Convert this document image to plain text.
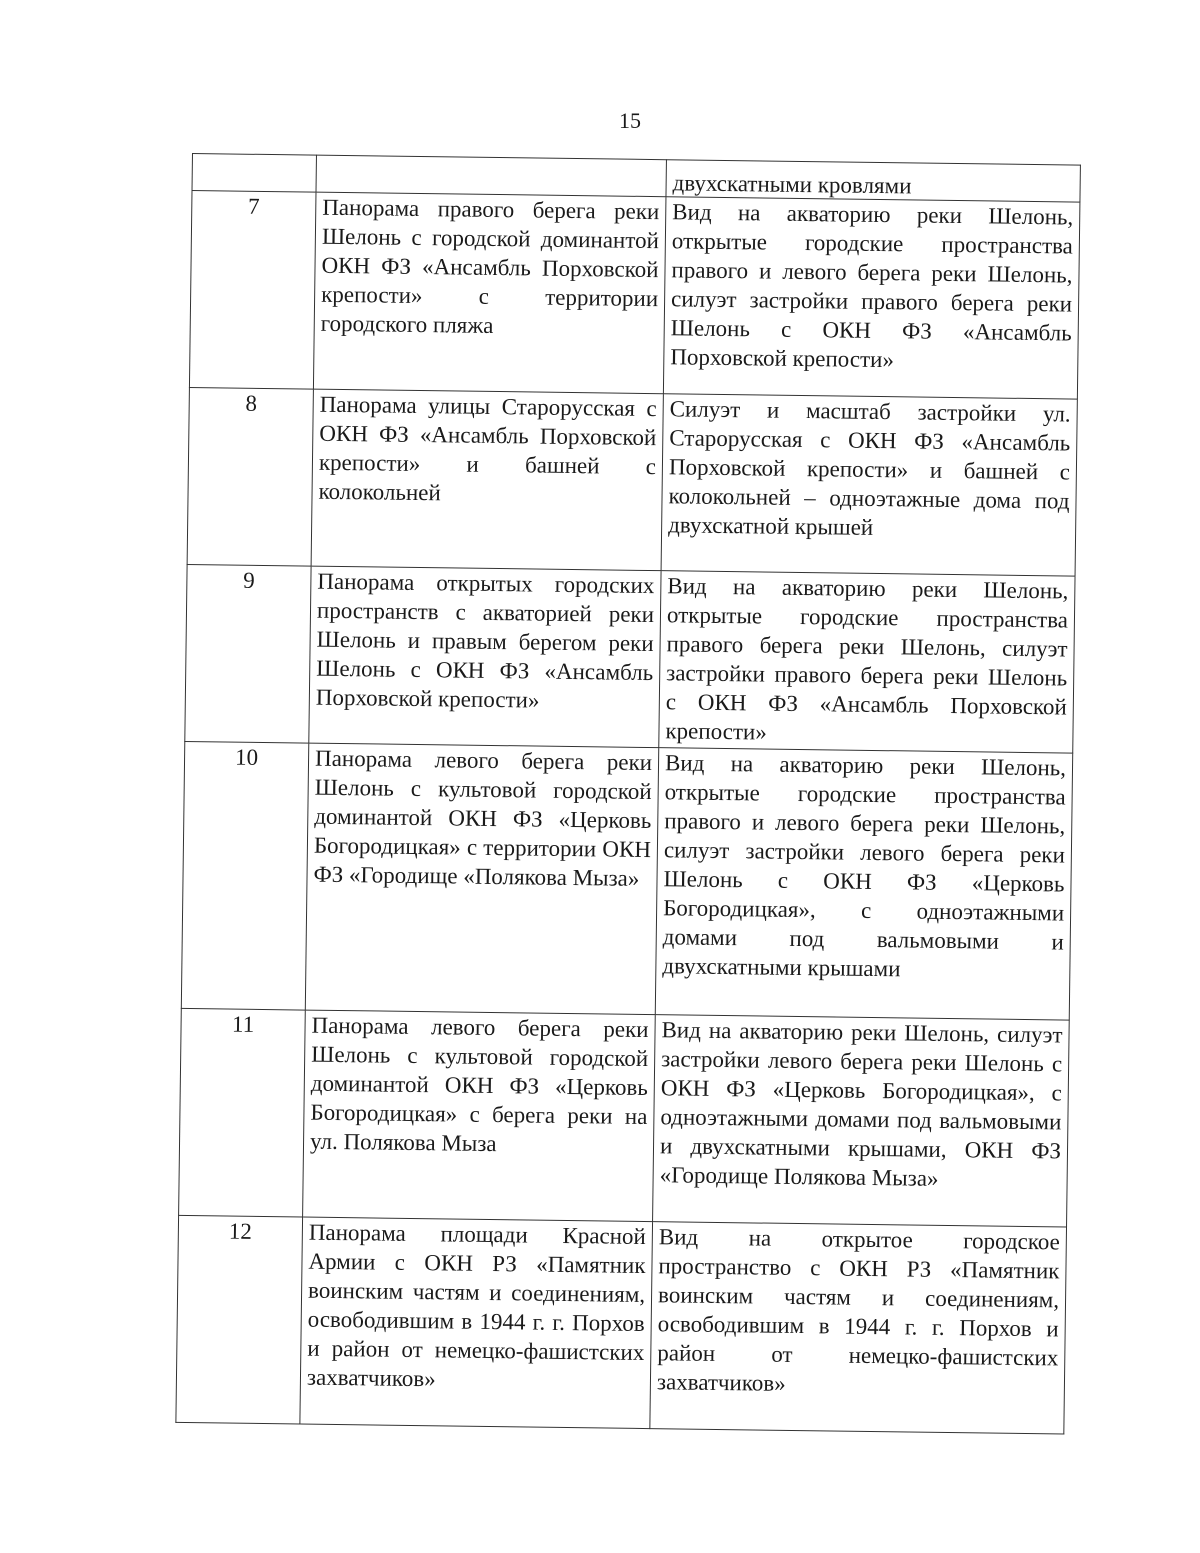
15
		двухскатными кровлями
7	Панорама правого берега реки Шелонь с городской доминантой ОКН ФЗ «Ансамбль Порховской крепости» с территории городского пляжа	Вид на акваторию реки Шелонь, открытые городские пространства правого и левого берега реки Шелонь, силуэт застройки правого берега реки Шелонь с ОКН ФЗ «Ансамбль Порховской крепости»
8	Панорама улицы Старорусская с ОКН ФЗ «Ансамбль Порховской крепости» и башней с колокольней	Силуэт и масштаб застройки ул. Старорусская с ОКН ФЗ «Ансамбль Порховской крепости» и башней с колокольней – одноэтажные дома под двухскатной крышей
9	Панорама открытых городских пространств с акваторией реки Шелонь и правым берегом реки Шелонь с ОКН ФЗ «Ансамбль Порховской крепости»	Вид на акваторию реки Шелонь, открытые городские пространства правого берега реки Шелонь, силуэт застройки правого берега реки Шелонь с ОКН ФЗ «Ансамбль Порховской крепости»
10	Панорама левого берега реки Шелонь с культовой городской доминантой ОКН ФЗ «Церковь Богородицкая» с территории ОКН ФЗ «Городище «Полякова Мыза»	Вид на акваторию реки Шелонь, открытые городские пространства правого и левого берега реки Шелонь, силуэт застройки левого берега реки Шелонь с ОКН ФЗ «Церковь Богородицкая», с одноэтажными домами под вальмовыми и двухскатными крышами
11	Панорама левого берега реки Шелонь с культовой городской доминантой ОКН ФЗ «Церковь Богородицкая» с берега реки на ул. Полякова Мыза	Вид на акваторию реки Шелонь, силуэт застройки левого берега реки Шелонь с ОКН ФЗ «Церковь Богородицкая», с одноэтажными домами под вальмовыми и двухскатными крышами, ОКН ФЗ «Городище Полякова Мыза»
12	Панорама площади Красной Армии с ОКН РЗ «Памятник воинским частям и соединениям, освободившим в 1944 г. г. Порхов и район от немецко-фашистских захватчиков»	Вид на открытое городское пространство с ОКН РЗ «Памятник воинским частям и соединениям, освободившим в 1944 г. г. Порхов и район от немецко-фашистских захватчиков»
